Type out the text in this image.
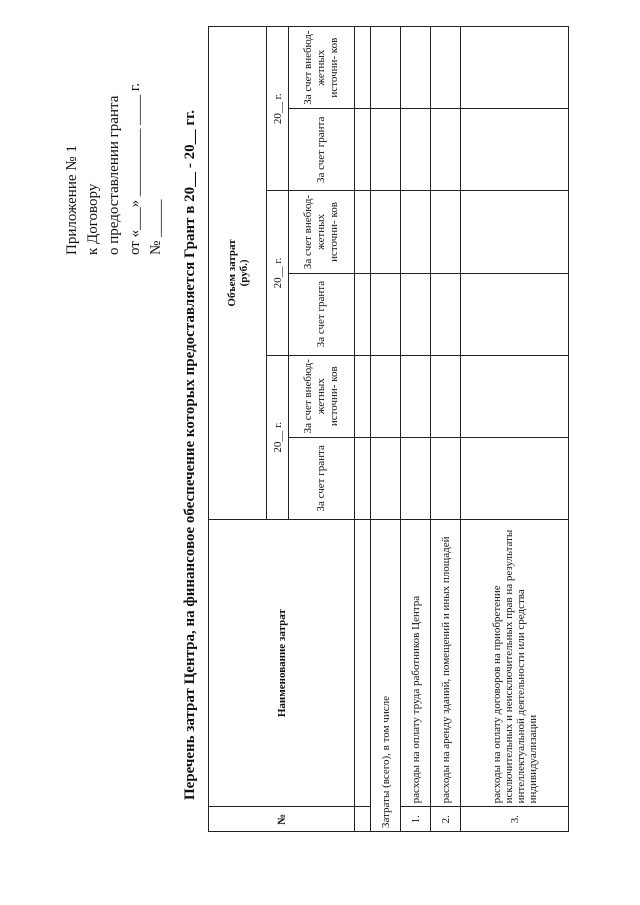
Приложение № 1 к Договору о предоставлении гранта от «___» _________ ____ г. № _____ Перечень затрат Центра, на финансовое обеспечение которых предоставляется Грант в 20__ - 20__ гг.
№	Наименование затрат	Объем затрат (руб.)					

		20__ г.		20__ г.		20__ г.	
		За счет гранта	За счет внебюд- жетных источни- ков	За счет гранта	За счет внебюд- жетных источни- ков	За счет гранта	За счет внебюд- жетных источни- ков

Затраты (всего), в том числе							
1.	расходы на оплату труда работников Центра						
2.	расходы на аренду зданий, помещений и иных площадей						
3.	расходы на оплату договоров на приобретение исключительных и неисключительных прав на результаты интеллектуальной деятельности или средства индивидуализации						
